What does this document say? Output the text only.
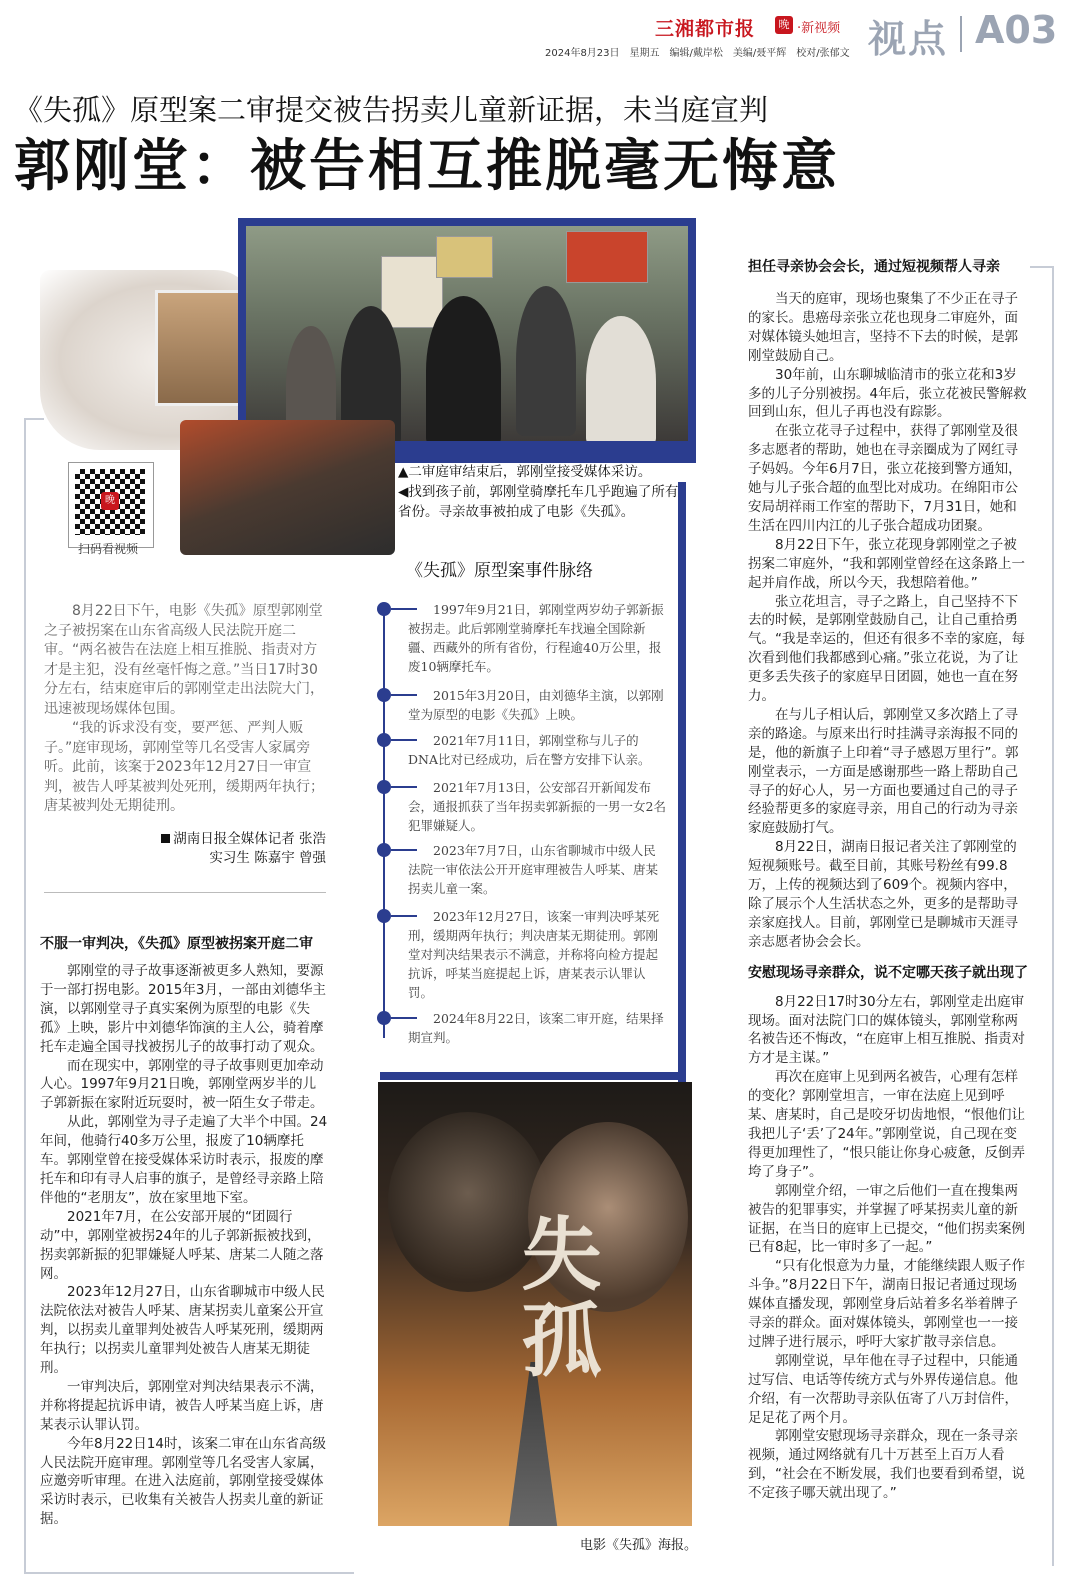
三湘都市报	晚 ·新视频
2024年8月23日　星期五　编辑/戴岸松　美编/聂平辉　校对/张郁文 视点 A03
《失孤》原型案二审提交被告拐卖儿童新证据，未当庭宣判
郭刚堂：被告相互推脱毫无悔意
晚
扫码看视频
▲二审庭审结束后，郭刚堂接受媒体采访。
◀找到孩子前，郭刚堂骑摩托车几乎跑遍了所有省份。寻亲故事被拍成了电影《失孤》。

8月22日下午，电影《失孤》原型郭刚堂之子被拐案在山东省高级人民法院开庭二审。“两名被告在法庭上相互推脱、指责对方才是主犯，没有丝毫忏悔之意。”当日17时30分左右，结束庭审后的郭刚堂走出法院大门，迅速被现场媒体包围。

“我的诉求没有变，要严惩、严判人贩子。”庭审现场，郭刚堂等几名受害人家属旁听。此前，该案于2023年12月27日一审宣判，被告人呼某被判处死刑，缓期两年执行；唐某被判处无期徒刑。

湖南日报全媒体记者 张浩
实习生 陈嘉宇 曾强
不服一审判决，《失孤》原型被拐案开庭二审

郭刚堂的寻子故事逐渐被更多人熟知，要源于一部打拐电影。2015年3月，一部由刘德华主演，以郭刚堂寻子真实案例为原型的电影《失孤》上映，影片中刘德华饰演的主人公，骑着摩托车走遍全国寻找被拐儿子的故事打动了观众。

而在现实中，郭刚堂的寻子故事则更加牵动人心。1997年9月21日晚，郭刚堂两岁半的儿子郭新振在家附近玩耍时，被一陌生女子带走。

从此，郭刚堂为寻子走遍了大半个中国。24年间，他骑行40多万公里，报废了10辆摩托车。郭刚堂曾在接受媒体采访时表示，报废的摩托车和印有寻人启事的旗子，是曾经寻亲路上陪伴他的“老朋友”，放在家里地下室。

2021年7月，在公安部开展的“团圆行动”中，郭刚堂被拐24年的儿子郭新振被找到，拐卖郭新振的犯罪嫌疑人呼某、唐某二人随之落网。

2023年12月27日，山东省聊城市中级人民法院依法对被告人呼某、唐某拐卖儿童案公开宣判，以拐卖儿童罪判处被告人呼某死刑，缓期两年执行；以拐卖儿童罪判处被告人唐某无期徒刑。

一审判决后，郭刚堂对判决结果表示不满，并称将提起抗诉申请，被告人呼某当庭上诉，唐某表示认罪认罚。

今年8月22日14时，该案二审在山东省高级人民法院开庭审理。郭刚堂等几名受害人家属，应邀旁听审理。在进入法庭前，郭刚堂接受媒体采访时表示，已收集有关被告人拐卖儿童的新证据。

《失孤》原型案事件脉络
1997年9月21日，郭刚堂两岁幼子郭新振被拐走。此后郭刚堂骑摩托车找遍全国除新疆、西藏外的所有省份，行程逾40万公里，报废10辆摩托车。
2015年3月20日，由刘德华主演，以郭刚堂为原型的电影《失孤》上映。
2021年7月11日，郭刚堂称与儿子的DNA比对已经成功，后在警方安排下认亲。
2021年7月13日，公安部召开新闻发布会，通报抓获了当年拐卖郭新振的一男一女2名犯罪嫌疑人。
2023年7月7日，山东省聊城市中级人民法院一审依法公开开庭审理被告人呼某、唐某拐卖儿童一案。
2023年12月27日，该案一审判决呼某死刑，缓期两年执行；判决唐某无期徒刑。郭刚堂对判决结果表示不满意，并称将向检方提起抗诉，呼某当庭提起上诉，唐某表示认罪认罚。
2024年8月22日，该案二审开庭，结果择期宣判。
失孤
电影《失孤》海报。
担任寻亲协会会长，通过短视频帮人寻亲

当天的庭审，现场也聚集了不少正在寻子的家长。患癌母亲张立花也现身二审庭外，面对媒体镜头她坦言，坚持不下去的时候，是郭刚堂鼓励自己。

30年前，山东聊城临清市的张立花和3岁多的儿子分别被拐。4年后，张立花被民警解救回到山东，但儿子再也没有踪影。

在张立花寻子过程中，获得了郭刚堂及很多志愿者的帮助，她也在寻亲圈成为了网红寻子妈妈。今年6月7日，张立花接到警方通知，她与儿子张合超的血型比对成功。在绵阳市公安局胡祥雨工作室的帮助下，7月31日，她和生活在四川内江的儿子张合超成功团聚。

8月22日下午，张立花现身郭刚堂之子被拐案二审庭外，“我和郭刚堂曾经在这条路上一起并肩作战，所以今天，我想陪着他。”

张立花坦言，寻子之路上，自己坚持不下去的时候，是郭刚堂鼓励自己，让自己重拾勇气。“我是幸运的，但还有很多不幸的家庭，每次看到他们我都感到心痛。”张立花说，为了让更多丢失孩子的家庭早日团圆，她也一直在努力。

在与儿子相认后，郭刚堂又多次踏上了寻亲的路途。与原来出行时挂满寻亲海报不同的是，他的新旗子上印着“寻子感恩万里行”。郭刚堂表示，一方面是感谢那些一路上帮助自己寻子的好心人，另一方面也要通过自己的寻子经验帮更多的家庭寻亲，用自己的行动为寻亲家庭鼓励打气。

8月22日，湖南日报记者关注了郭刚堂的短视频账号。截至目前，其账号粉丝有99.8万，上传的视频达到了609个。视频内容中，除了展示个人生活状态之外，更多的是帮助寻亲家庭找人。目前，郭刚堂已是聊城市天涯寻亲志愿者协会会长。

安慰现场寻亲群众，说不定哪天孩子就出现了

8月22日17时30分左右，郭刚堂走出庭审现场。面对法院门口的媒体镜头，郭刚堂称两名被告还不悔改，“在庭审上相互推脱、指责对方才是主谋。”

再次在庭审上见到两名被告，心理有怎样的变化？郭刚堂坦言，一审在法庭上见到呼某、唐某时，自己是咬牙切齿地恨，“恨他们让我把儿子‘丢’了24年。”郭刚堂说，自己现在变得更加理性了，“恨只能让你身心疲惫，反倒弄垮了身子”。

郭刚堂介绍，一审之后他们一直在搜集两被告的犯罪事实，并掌握了呼某拐卖儿童的新证据，在当日的庭审上已提交，“他们拐卖案例已有8起，比一审时多了一起。”

“只有化恨意为力量，才能继续跟人贩子作斗争。”8月22日下午，湖南日报记者通过现场媒体直播发现，郭刚堂身后站着多名举着牌子寻亲的群众。面对媒体镜头，郭刚堂也一一接过牌子进行展示，呼吁大家扩散寻亲信息。

郭刚堂说，早年他在寻子过程中，只能通过写信、电话等传统方式与外界传递信息。他介绍，有一次帮助寻亲队伍寄了八万封信件，足足花了两个月。

郭刚堂安慰现场寻亲群众，现在一条寻亲视频，通过网络就有几十万甚至上百万人看到，“社会在不断发展，我们也要看到希望，说不定孩子哪天就出现了。”
